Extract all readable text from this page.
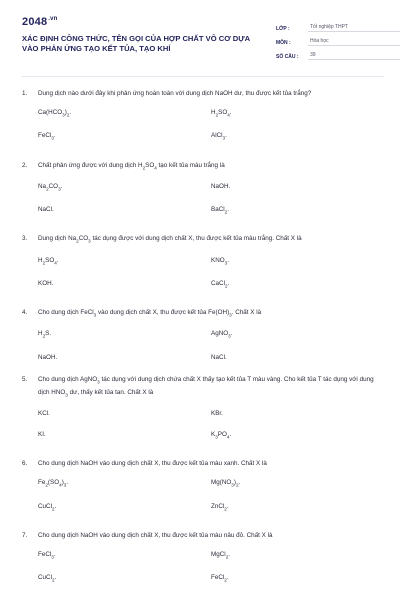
$2048^{.vn}$
XÁC ĐỊNH CÔNG THỨC, TÊN GỌI CỦA HỢP CHẤT VÔ CƠ DỰA VÀO PHẢN ỨNG TẠO KẾT TỦA, TẠO KHÍ
LỚP :	Tốt nghiệp THPT
MÔN :	Hóa học
SỐ CÂU :	39
1.	Dung dịch nào dưới đây khi phản ứng hoàn toàn với dung dịch NaOH dư, thu được kết tủa trắng?
$Ca(HCO_3)_2$.	$H_2SO_4$.
FeCl$_3$.	AlCl$_3$.
2.	Chất phản ứng được với dung dịch $H_2SO_4$ tạo kết tủa màu trắng là
$Na_2CO_3$.	NaOH.
NaCl.	BaCl$_2$.
3.	Dung dịch $Na_2CO_3$ tác dụng được với dung dịch chất X, thu được kết tủa màu trắng. Chất X là
$H_2SO_4$.	$KNO_3$.
KOH.	CaCl$_2$.
4.	Cho dung dịch FeCl$_3$ vào dung dịch chất X, thu được kết tủa $Fe(OH)_3$. Chất X là
$H_2S$.	AgNO$_3$.
NaOH.	NaCl.
5.	Cho dung dịch AgNO$_3$ tác dụng với dung dịch chứa chất X thấy tạo kết tủa T màu vàng. Cho kết tủa T tác dụng với dung dịch $HNO_3$ dư, thấy kết tủa tan. Chất X là
KCl.	KBr.
KI.	$K_3PO_4$.
6.	Cho dung dịch NaOH vào dung dịch chất X, thu được kết tủa màu xanh. Chất X là
$Fe_2(SO_4)_3$.	$Mg(NO_3)_2$.
CuCl$_2$.	ZnCl$_2$.
7.	Cho dung dịch NaOH vào dung dịch chất X, thu được kết tủa màu nâu đỏ. Chất X là
FeCl$_3$.	MgCl$_2$.
CuCl$_2$.	FeCl$_2$.
